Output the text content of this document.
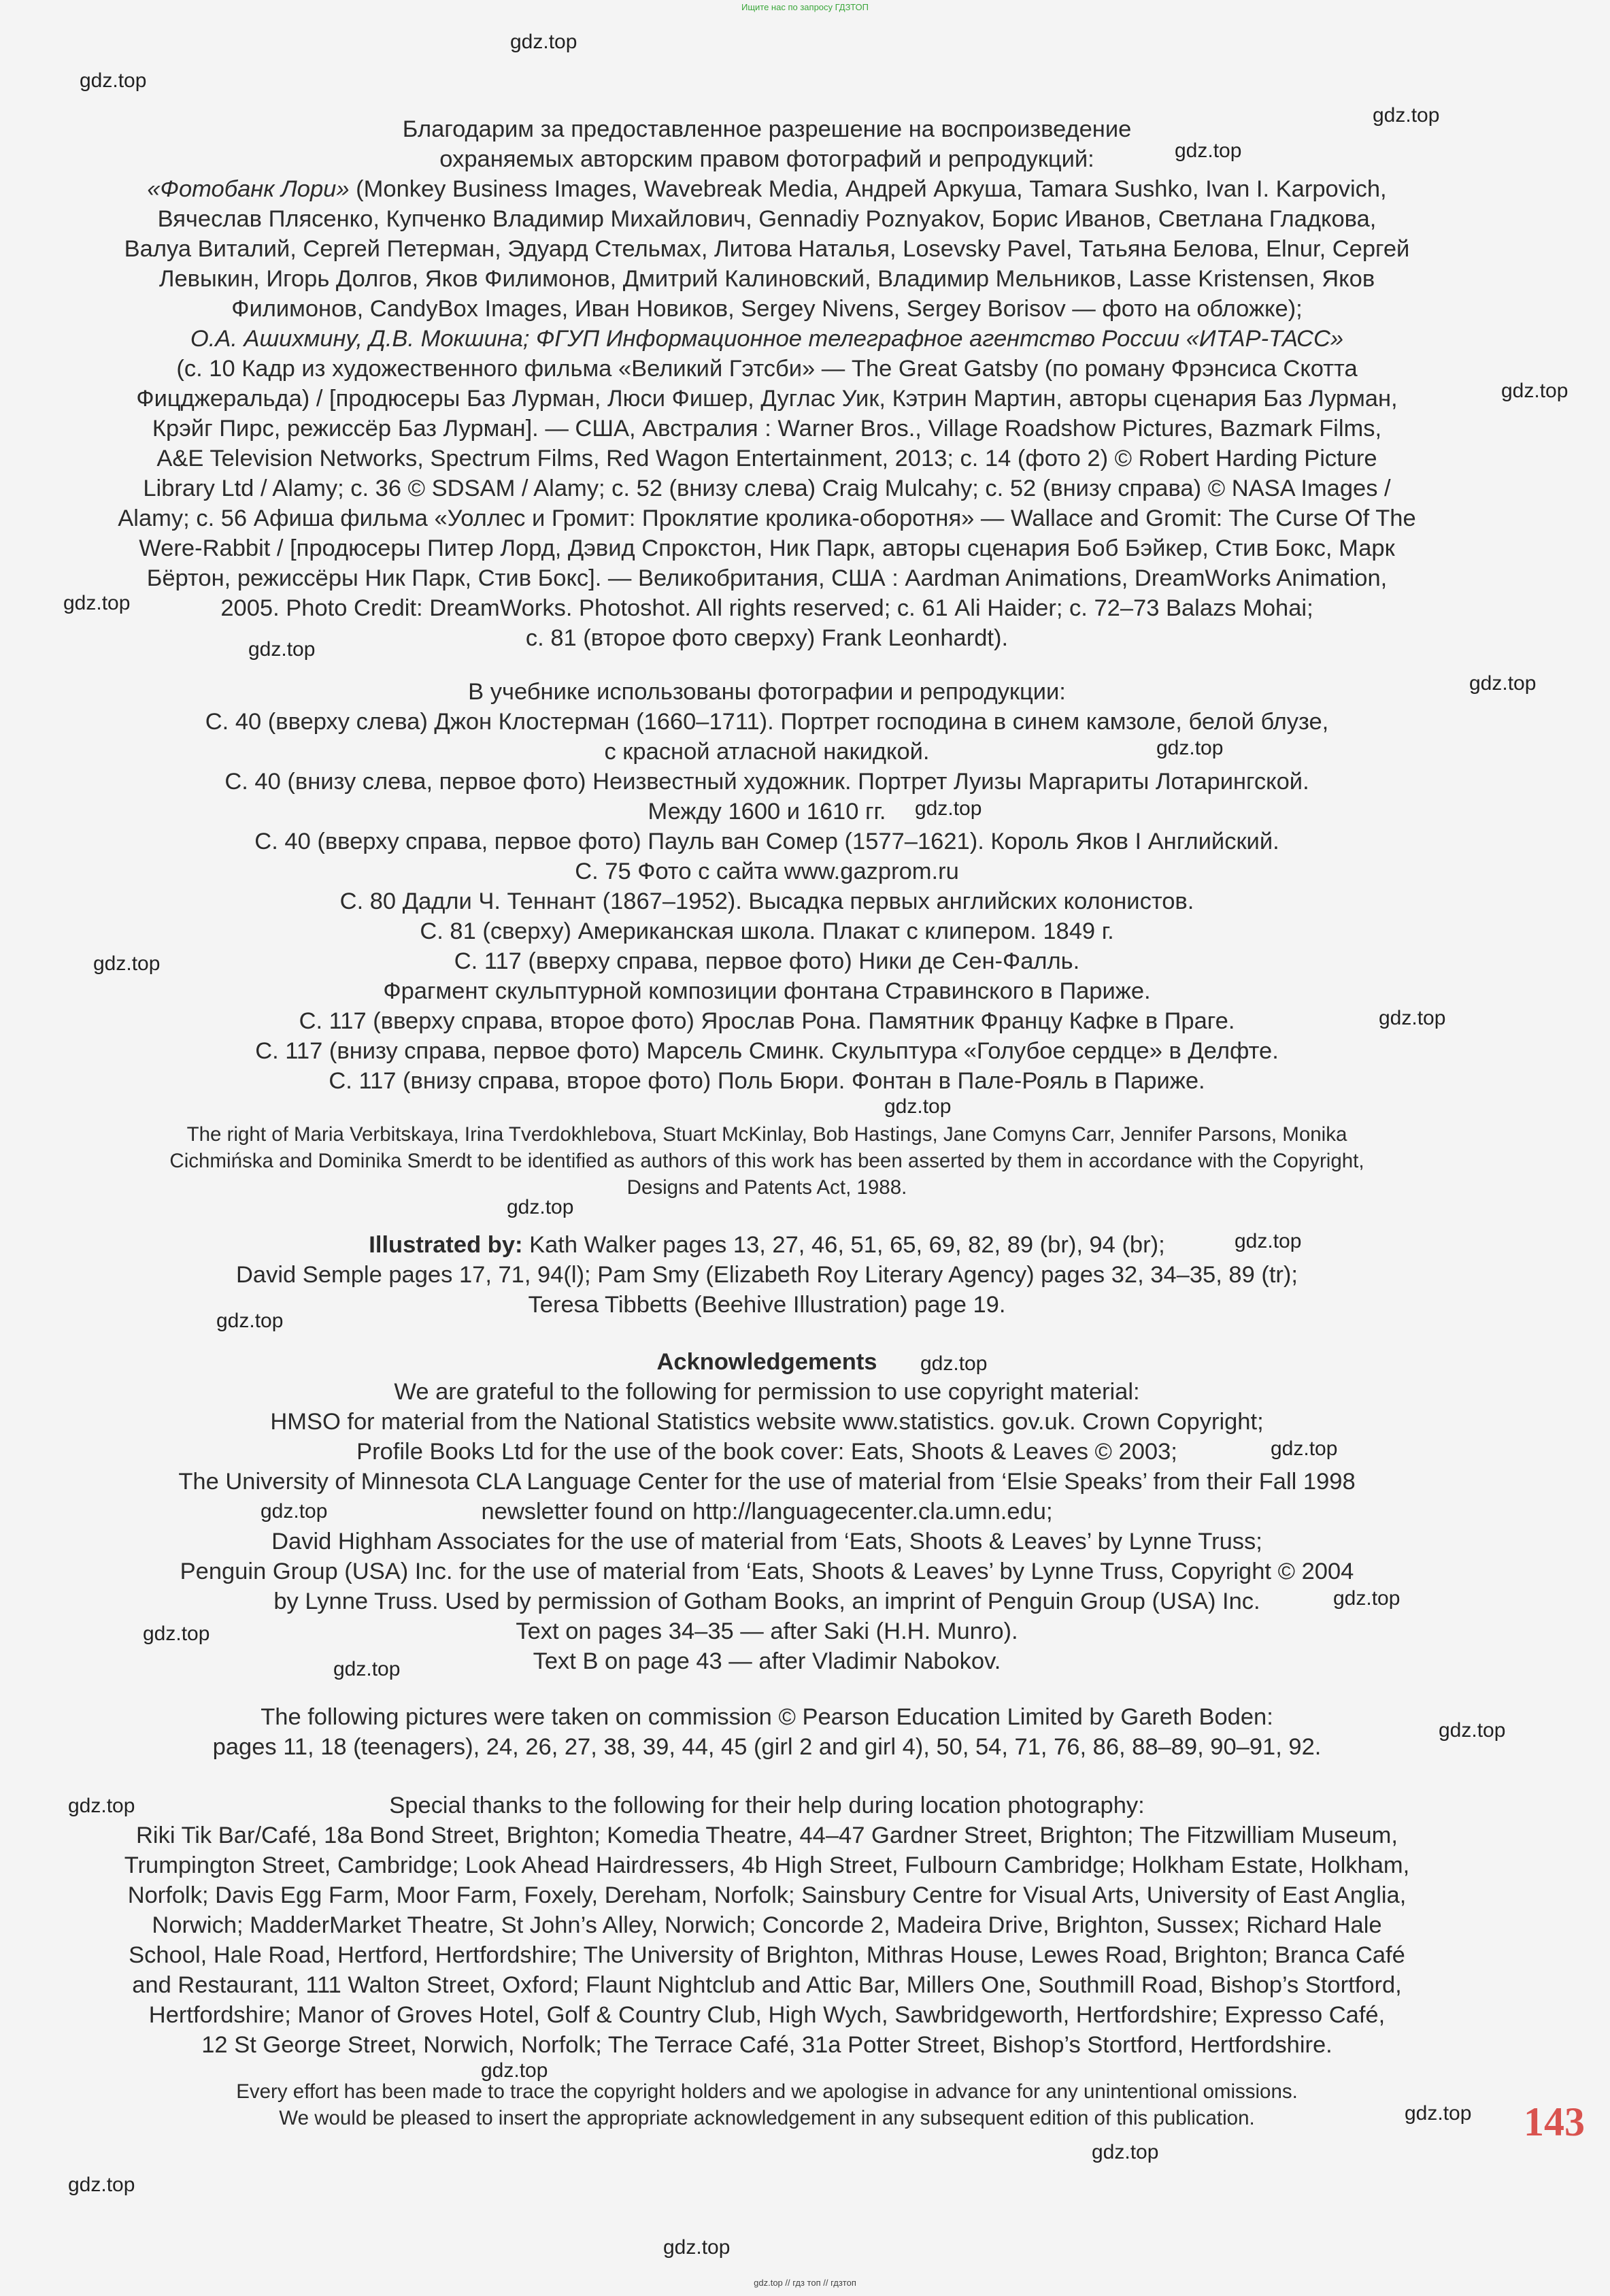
Ищите нас по запросу ГДЗТОП
gdz.top
gdz.top
gdz.top
gdz.top
gdz.top
gdz.top
gdz.top
gdz.top
gdz.top
gdz.top
gdz.top
gdz.top
gdz.top
gdz.top
gdz.top
gdz.top
gdz.top
gdz.top
gdz.top
gdz.top
gdz.top
gdz.top
gdz.top
gdz.top
gdz.top
gdz.top
gdz.top
gdz.top
gdz.top

Благодарим за предоставленное разрешение на воспроизведение

охраняемых авторским правом фотографий и репродукций:

«Фотобанк Лори» (Monkey Business Images, Wavebreak Media, Андрей Аркуша, Tamara Sushko, Ivan I. Karpovich,

Вячеслав Плясенко, Купченко Владимир Михайлович, Gennadiy Poznyakov, Борис Иванов, Светлана Гладкова,

Валуа Виталий, Сергей Петерман, Эдуард Стельмах, Литова Наталья, Losevsky Pavel, Татьяна Белова, Elnur, Сергей

Левыкин, Игорь Долгов, Яков Филимонов, Дмитрий Калиновский, Владимир Мельников, Lasse Kristensen, Яков

Филимонов, CandyBox Images, Иван Новиков, Sergey Nivens, Sergey Borisov — фото на обложке);

О.А. Ашихмину, Д.В. Мокшина; ФГУП Информационное телеграфное агентство России «ИТАР-ТАСС»

(с. 10 Кадр из художественного фильма «Великий Гэтсби» — The Great Gatsby (по роману Фрэнсиса Скотта

Фицджеральда) / [продюсеры Баз Лурман, Люси Фишер, Дуглас Уик, Кэтрин Мартин, авторы сценария Баз Лурман,

Крэйг Пирс, режиссёр Баз Лурман]. — США, Австралия : Warner Bros., Village Roadshow Pictures, Bazmark Films,

A&E Television Networks, Spectrum Films, Red Wagon Entertainment, 2013; с. 14 (фото 2) © Robert Harding Picture

Library Ltd / Alamy; с. 36 © SDSAM / Alamy; с. 52 (внизу слева) Craig Mulcahy; с. 52 (внизу справа) © NASA Images /

Alamy; с. 56 Афиша фильма «Уоллес и Громит: Проклятие кролика-оборотня» — Wallace and Gromit: The Curse Of The

Were-Rabbit / [продюсеры Питер Лорд, Дэвид Спрокстон, Ник Парк, авторы сценария Боб Бэйкер, Стив Бокс, Марк

Бёртон, режиссёры Ник Парк, Стив Бокс]. — Великобритания, США : Aardman Animations, DreamWorks Animation,

2005. Photo Credit: DreamWorks. Photoshot. All rights reserved; с. 61 Ali Haider; с. 72–73 Balazs Mohai;

с. 81 (второе фото сверху) Frank Leonhardt).

В учебнике использованы фотографии и репродукции:

С. 40 (вверху слева) Джон Клостерман (1660–1711). Портрет господина в синем камзоле, белой блузе,

с красной атласной накидкой.

С. 40 (внизу слева, первое фото) Неизвестный художник. Портрет Луизы Маргариты Лотарингской.

Между 1600 и 1610 гг.

С. 40 (вверху справа, первое фото) Пауль ван Сомер (1577–1621). Король Яков I Английский.

С. 75 Фото с сайта www.gazprom.ru

С. 80 Дадли Ч. Теннант (1867–1952). Высадка первых английских колонистов.

С. 81 (сверху) Американская школа. Плакат с клипером. 1849 г.

С. 117 (вверху справа, первое фото) Ники де Сен-Фалль.

Фрагмент скульптурной композиции фонтана Стравинского в Париже.

С. 117 (вверху справа, второе фото) Ярослав Рона. Памятник Францу Кафке в Праге.

С. 117 (внизу справа, первое фото) Марсель Сминк. Скульптура «Голубое сердце» в Делфте.

С. 117 (внизу справа, второе фото) Поль Бюри. Фонтан в Пале-Рояль в Париже.

The right of Maria Verbitskaya, Irina Tverdokhlebova, Stuart McKinlay, Bob Hastings, Jane Comyns Carr, Jennifer Parsons, Monika

Cichmińska and Dominika Smerdt to be identified as authors of this work has been asserted by them in accordance with the Copyright,

Designs and Patents Act, 1988.

Illustrated by: Kath Walker pages 13, 27, 46, 51, 65, 69, 82, 89 (br), 94 (br);

David Semple pages 17, 71, 94(l); Pam Smy (Elizabeth Roy Literary Agency) pages 32, 34–35, 89 (tr);

Teresa Tibbetts (Beehive Illustration) page 19.

Acknowledgements

We are grateful to the following for permission to use copyright material:

HMSO for material from the National Statistics website www.statistics. gov.uk. Crown Copyright;

Profile Books Ltd for the use of the book cover: Eats, Shoots & Leaves © 2003;

The University of Minnesota CLA Language Center for the use of material from ‘Elsie Speaks’ from their Fall 1998

newsletter found on http://languagecenter.cla.umn.edu;

David Highham Associates for the use of material from ‘Eats, Shoots & Leaves’ by Lynne Truss;

Penguin Group (USA) Inc. for the use of material from ‘Eats, Shoots & Leaves’ by Lynne Truss, Copyright © 2004

by Lynne Truss. Used by permission of Gotham Books, an imprint of Penguin Group (USA) Inc.

Text on pages 34–35 — after Saki (H.H. Munro).

Text B on page 43 — after Vladimir Nabokov.

The following pictures were taken on commission © Pearson Education Limited by Gareth Boden:

pages 11, 18 (teenagers), 24, 26, 27, 38, 39, 44, 45 (girl 2 and girl 4), 50, 54, 71, 76, 86, 88–89, 90–91, 92.

Special thanks to the following for their help during location photography:

Riki Tik Bar/Café, 18a Bond Street, Brighton; Komedia Theatre, 44–47 Gardner Street, Brighton; The Fitzwilliam Museum,

Trumpington Street, Cambridge; Look Ahead Hairdressers, 4b High Street, Fulbourn Cambridge; Holkham Estate, Holkham,

Norfolk; Davis Egg Farm, Moor Farm, Foxely, Dereham, Norfolk; Sainsbury Centre for Visual Arts, University of East Anglia,

Norwich; MadderMarket Theatre, St John’s Alley, Norwich; Concorde 2, Madeira Drive, Brighton, Sussex; Richard Hale

School, Hale Road, Hertford, Hertfordshire; The University of Brighton, Mithras House, Lewes Road, Brighton; Branca Café

and Restaurant, 111 Walton Street, Oxford; Flaunt Nightclub and Attic Bar, Millers One, Southmill Road, Bishop’s Stortford,

Hertfordshire; Manor of Groves Hotel, Golf & Country Club, High Wych, Sawbridgeworth, Hertfordshire; Expresso Café,

12 St George Street, Norwich, Norfolk; The Terrace Café, 31a Potter Street, Bishop’s Stortford, Hertfordshire.

Every effort has been made to trace the copyright holders and we apologise in advance for any unintentional omissions.

We would be pleased to insert the appropriate acknowledgement in any subsequent edition of this publication.	143
gdz.top // гдз топ // гдзтоп
